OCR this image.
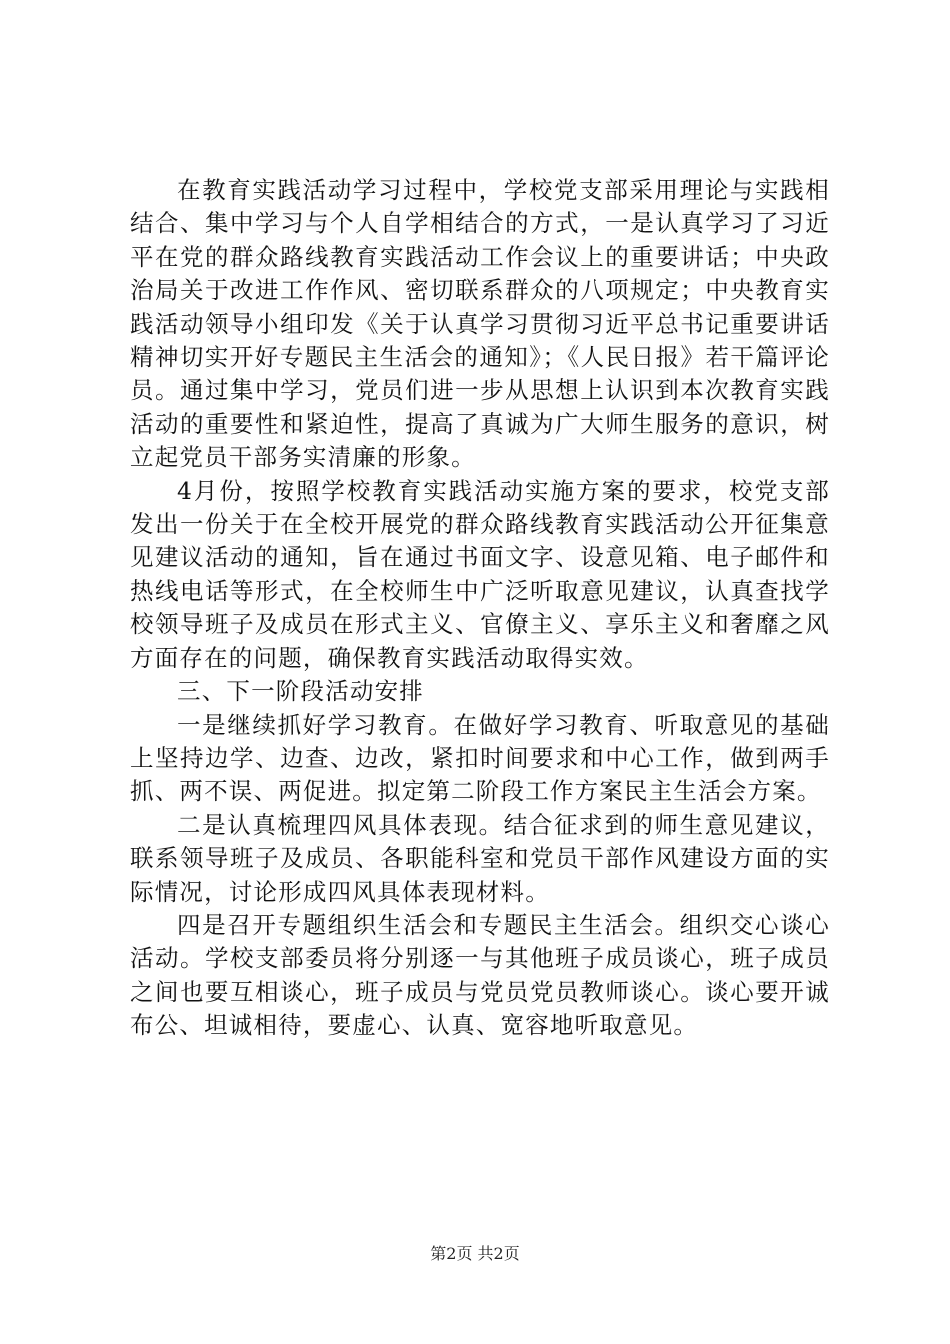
在教育实践活动学习过程中，学校党支部采用理论与实践相结合、集中学习与个人自学相结合的方式，一是认真学习了习近平在党的群众路线教育实践活动工作会议上的重要讲话；中央政治局关于改进工作作风、密切联系群众的八项规定；中央教育实践活动领导小组印发《关于认真学习贯彻习近平总书记重要讲话精神切实开好专题民主生活会的通知》；《人民日报》若干篇评论员。通过集中学习，党员们进一步从思想上认识到本次教育实践活动的重要性和紧迫性，提高了真诚为广大师生服务的意识，树立起党员干部务实清廉的形象。

4月份，按照学校教育实践活动实施方案的要求，校党支部发出一份关于在全校开展党的群众路线教育实践活动公开征集意见建议活动的通知，旨在通过书面文字、设意见箱、电子邮件和热线电话等形式，在全校师生中广泛听取意见建议，认真查找学校领导班子及成员在形式主义、官僚主义、享乐主义和奢靡之风方面存在的问题，确保教育实践活动取得实效。

三、下一阶段活动安排

一是继续抓好学习教育。在做好学习教育、听取意见的基础上坚持边学、边查、边改，紧扣时间要求和中心工作，做到两手抓、两不误、两促进。拟定第二阶段工作方案民主生活会方案。

二是认真梳理四风具体表现。结合征求到的师生意见建议，联系领导班子及成员、各职能科室和党员干部作风建设方面的实际情况，讨论形成四风具体表现材料。

四是召开专题组织生活会和专题民主生活会。组织交心谈心活动。学校支部委员将分别逐一与其他班子成员谈心，班子成员之间也要互相谈心，班子成员与党员党员教师谈心。谈心要开诚布公、坦诚相待，要虚心、认真、宽容地听取意见。

第2页 共2页
